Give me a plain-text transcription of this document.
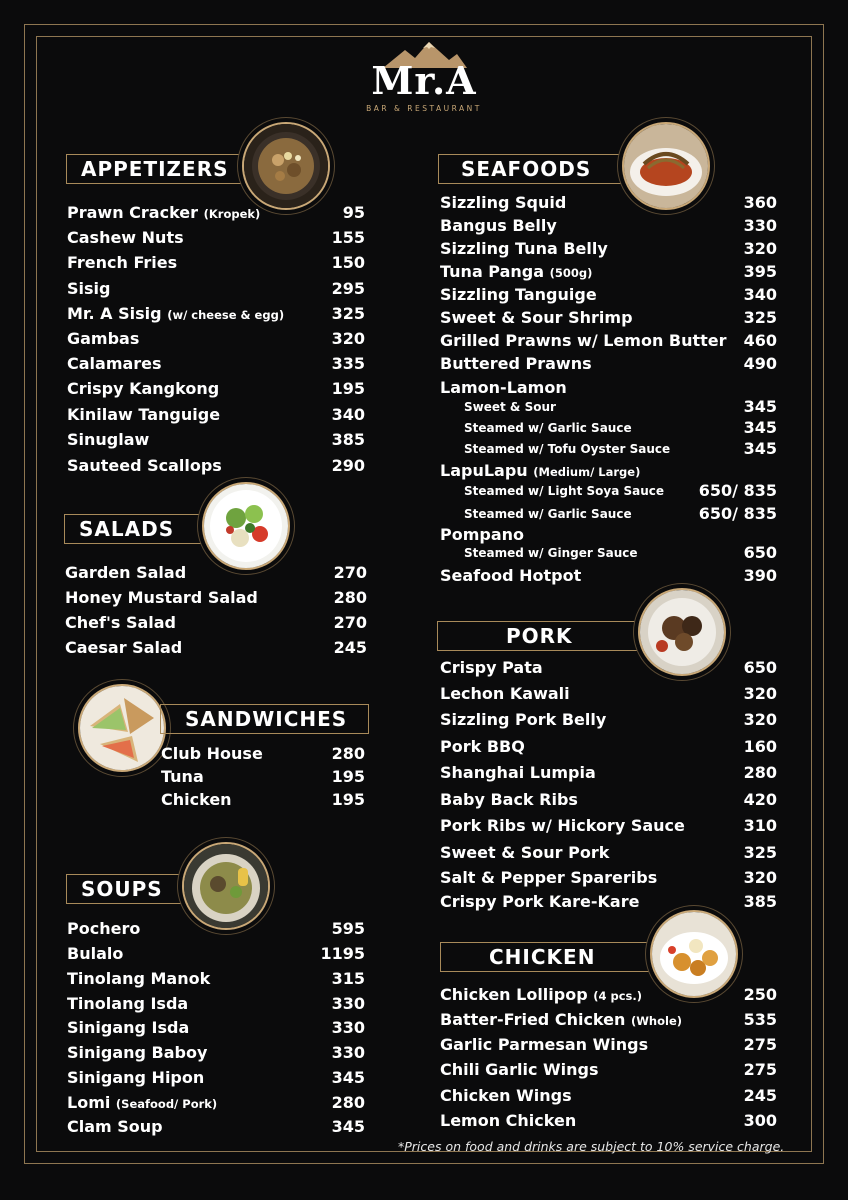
Mr.A
BAR & RESTAURANT
APPETIZERS
Prawn Cracker (Kropek)	95
Cashew Nuts	155
French Fries	150
Sisig	295
Mr. A Sisig (w/ cheese & egg)	325
Gambas	320
Calamares	335
Crispy Kangkong	195
Kinilaw Tanguige	340
Sinuglaw	385
Sauteed Scallops	290
SALADS
Garden Salad	270
Honey Mustard Salad	280
Chef's Salad	270
Caesar Salad	245
SANDWICHES
Club House	280
Tuna	195
Chicken	195
SOUPS
Pochero	595
Bulalo	1195
Tinolang Manok	315
Tinolang Isda	330
Sinigang Isda	330
Sinigang Baboy	330
Sinigang Hipon	345
Lomi (Seafood/ Pork)	280
Clam Soup	345
SEAFOODS
Sizzling Squid	360
Bangus Belly	330
Sizzling Tuna Belly	320
Tuna Panga (500g)	395
Sizzling Tanguige	340
Sweet & Sour Shrimp	325
Grilled Prawns w/ Lemon Butter 460
Buttered Prawns	490
Lamon-Lamon
Sweet & Sour	345
Steamed w/ Garlic Sauce	345
Steamed w/ Tofu Oyster Sauce	345
LapuLapu (Medium/ Large)
Steamed w/ Light Soya Sauce 650/ 835
Steamed w/ Garlic Sauce	650/ 835
Pompano
Steamed w/ Ginger Sauce	650
Seafood Hotpot	390
PORK
Crispy Pata	650
Lechon Kawali	320
Sizzling Pork Belly	320
Pork BBQ	160
Shanghai Lumpia	280
Baby Back Ribs	420
Pork Ribs w/ Hickory Sauce	310
Sweet & Sour Pork	325
Salt & Pepper Spareribs	320
Crispy Pork Kare-Kare	385
CHICKEN
Chicken Lollipop (4 pcs.)	250
Batter-Fried Chicken (Whole)	535
Garlic Parmesan Wings	275
Chili Garlic Wings	275
Chicken Wings	245
Lemon Chicken	300
*Prices on food and drinks are subject to 10% service charge.
